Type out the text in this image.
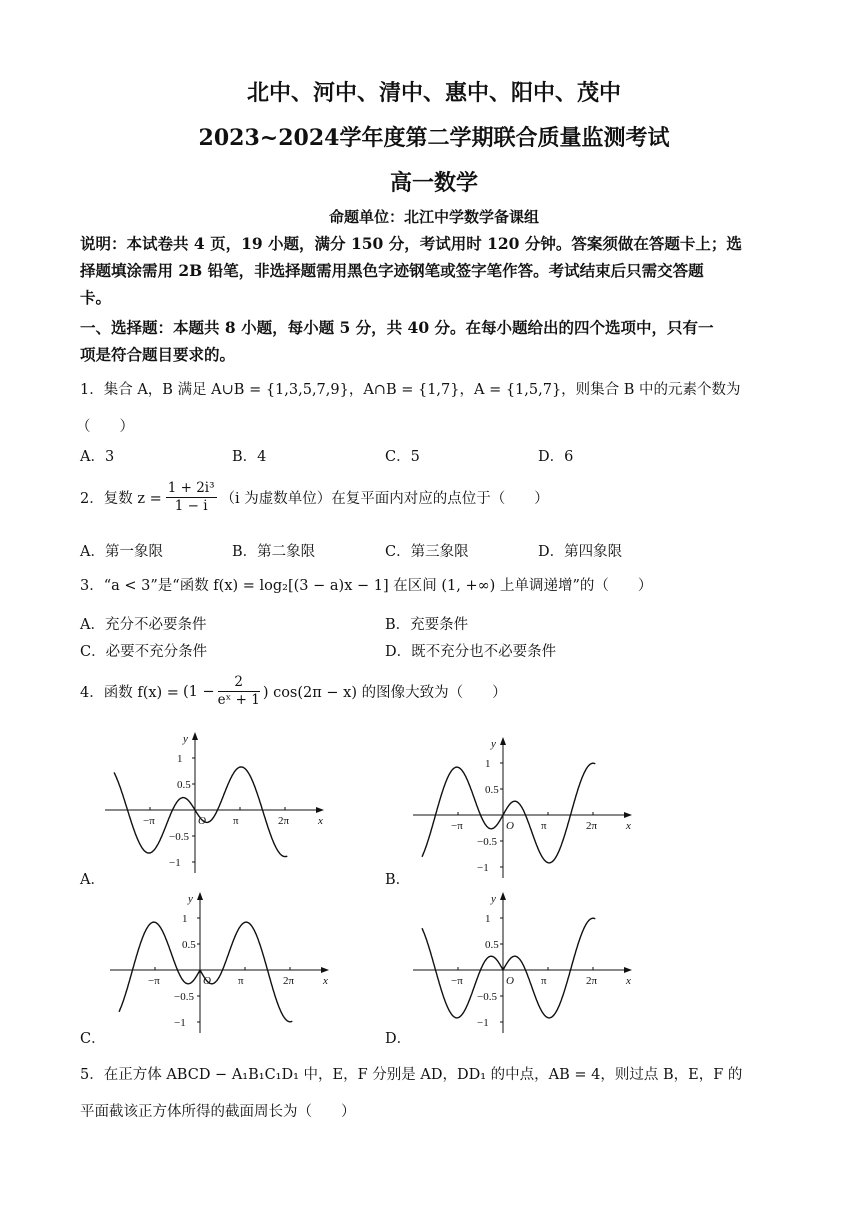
北中、河中、清中、惠中、阳中、茂中
2023~2024学年度第二学期联合质量监测考试
高一数学
命题单位：北江中学数学备课组
说明：本试卷共 4 页，19 小题，满分 150 分，考试用时 120 分钟。答案须做在答题卡上；选
择题填涂需用 2B 铅笔，非选择题需用黑色字迹钢笔或签字笔作答。考试结束后只需交答题
卡。
一、选择题：本题共 8 小题，每小题 5 分，共 40 分。在每小题给出的四个选项中，只有一
项是符合题目要求的。
1．集合 A，B 满足 A∪B = {1,3,5,7,9}，A∩B = {1,7}，A = {1,5,7}，则集合 B 中的元素个数为
（　　）
A．3	B．4	C．5	D．6
2．复数 $z = \frac{\text{1 + 2i³}}{1 - i} (i$ 为虚数单位）在复平面内对应的点位于（　　）
A．第一象限	B．第二象限	C．第三象限	D．第四象限
3．“a < 3”是“函数 f(x) = log₂[(3 − a)x − 1] 在区间 (1, +∞) 上单调递增”的（　　）
A．充分不必要条件	B．充要条件
C．必要不充分条件	D．既不充分也不必要条件
4．函数 $f(x) = (1 - \frac{2}{\text{eˣ + 1}}$ ) cos(2π − x) 的图像大致为（　　）
y
x
O
1
0.5
−0.5
−1
−π	π	2π
y
x
O
1
0.5
−0.5
−1
−π	π	2π
y
x
O
1
0.5
−0.5
−1
−π	π	2π
y
x
O
1
0.5
−0.5
−1
−π	π	2π
A．	B．
C．	D．
5．在正方体 ABCD − A₁B₁C₁D₁ 中，E，F 分别是 AD，DD₁ 的中点，AB = 4，则过点 B，E，F 的
平面截该正方体所得的截面周长为（　　）
